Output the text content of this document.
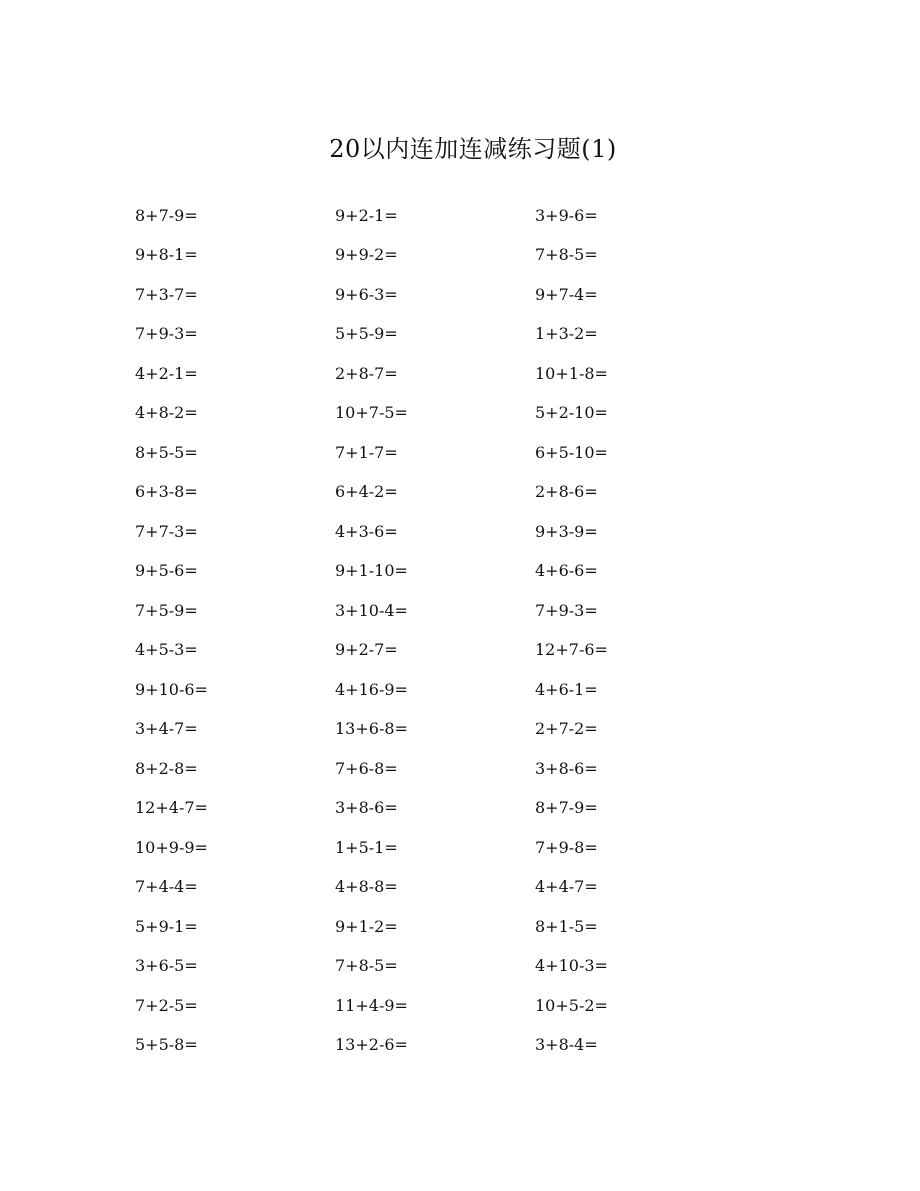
20以内连加连减练习题(1)
8+7-9=	9+2-1=	3+9-6=
9+8-1=	9+9-2=	7+8-5=
7+3-7=	9+6-3=	9+7-4=
7+9-3=	5+5-9=	1+3-2=
4+2-1=	2+8-7=	10+1-8=
4+8-2=	10+7-5=	5+2-10=
8+5-5=	7+1-7=	6+5-10=
6+3-8=	6+4-2=	2+8-6=
7+7-3=	4+3-6=	9+3-9=
9+5-6=	9+1-10=	4+6-6=
7+5-9=	3+10-4=	7+9-3=
4+5-3=	9+2-7=	12+7-6=
9+10-6=	4+16-9=	4+6-1=
3+4-7=	13+6-8=	2+7-2=
8+2-8=	7+6-8=	3+8-6=
12+4-7=	3+8-6=	8+7-9=
10+9-9=	1+5-1=	7+9-8=
7+4-4=	4+8-8=	4+4-7=
5+9-1=	9+1-2=	8+1-5=
3+6-5=	7+8-5=	4+10-3=
7+2-5=	11+4-9=	10+5-2=
5+5-8=	13+2-6=	3+8-4=
